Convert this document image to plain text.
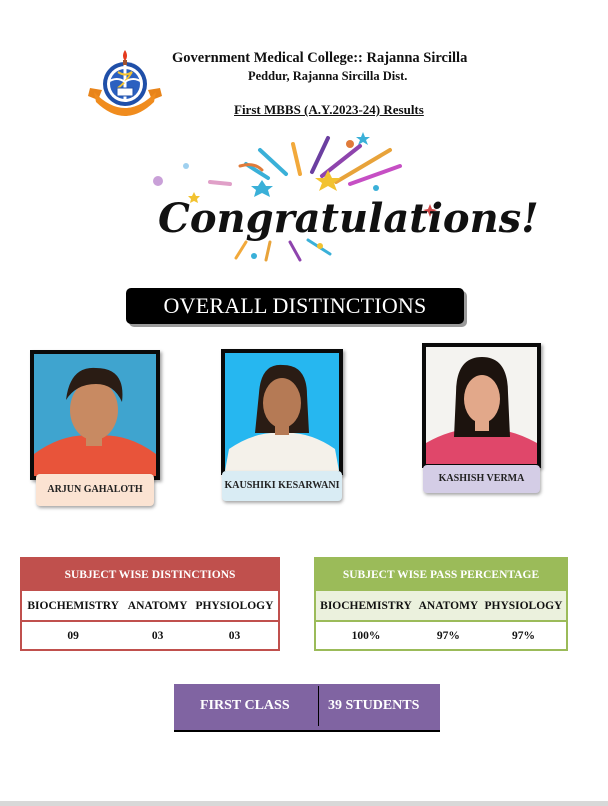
Government Medical College:: Rajanna Sircilla
Peddur, Rajanna Sircilla Dist.
First MBBS (A.Y.2023-24) Results
Congratulations!
OVERALL DISTINCTIONS
ARJUN GAHALOTH	KAUSHIKI KESARWANI
KASHISH VERMA
SUBJECT WISE DISTINCTIONS		
BIOCHEMISTRY	ANATOMY	PHYSIOLOGY
09	03	03
SUBJECT WISE PASS PERCENTAGE		
BIOCHEMISTRY	ANATOMY	PHYSIOLOGY
100%	97%	97%
FIRST CLASS	39 STUDENTS
